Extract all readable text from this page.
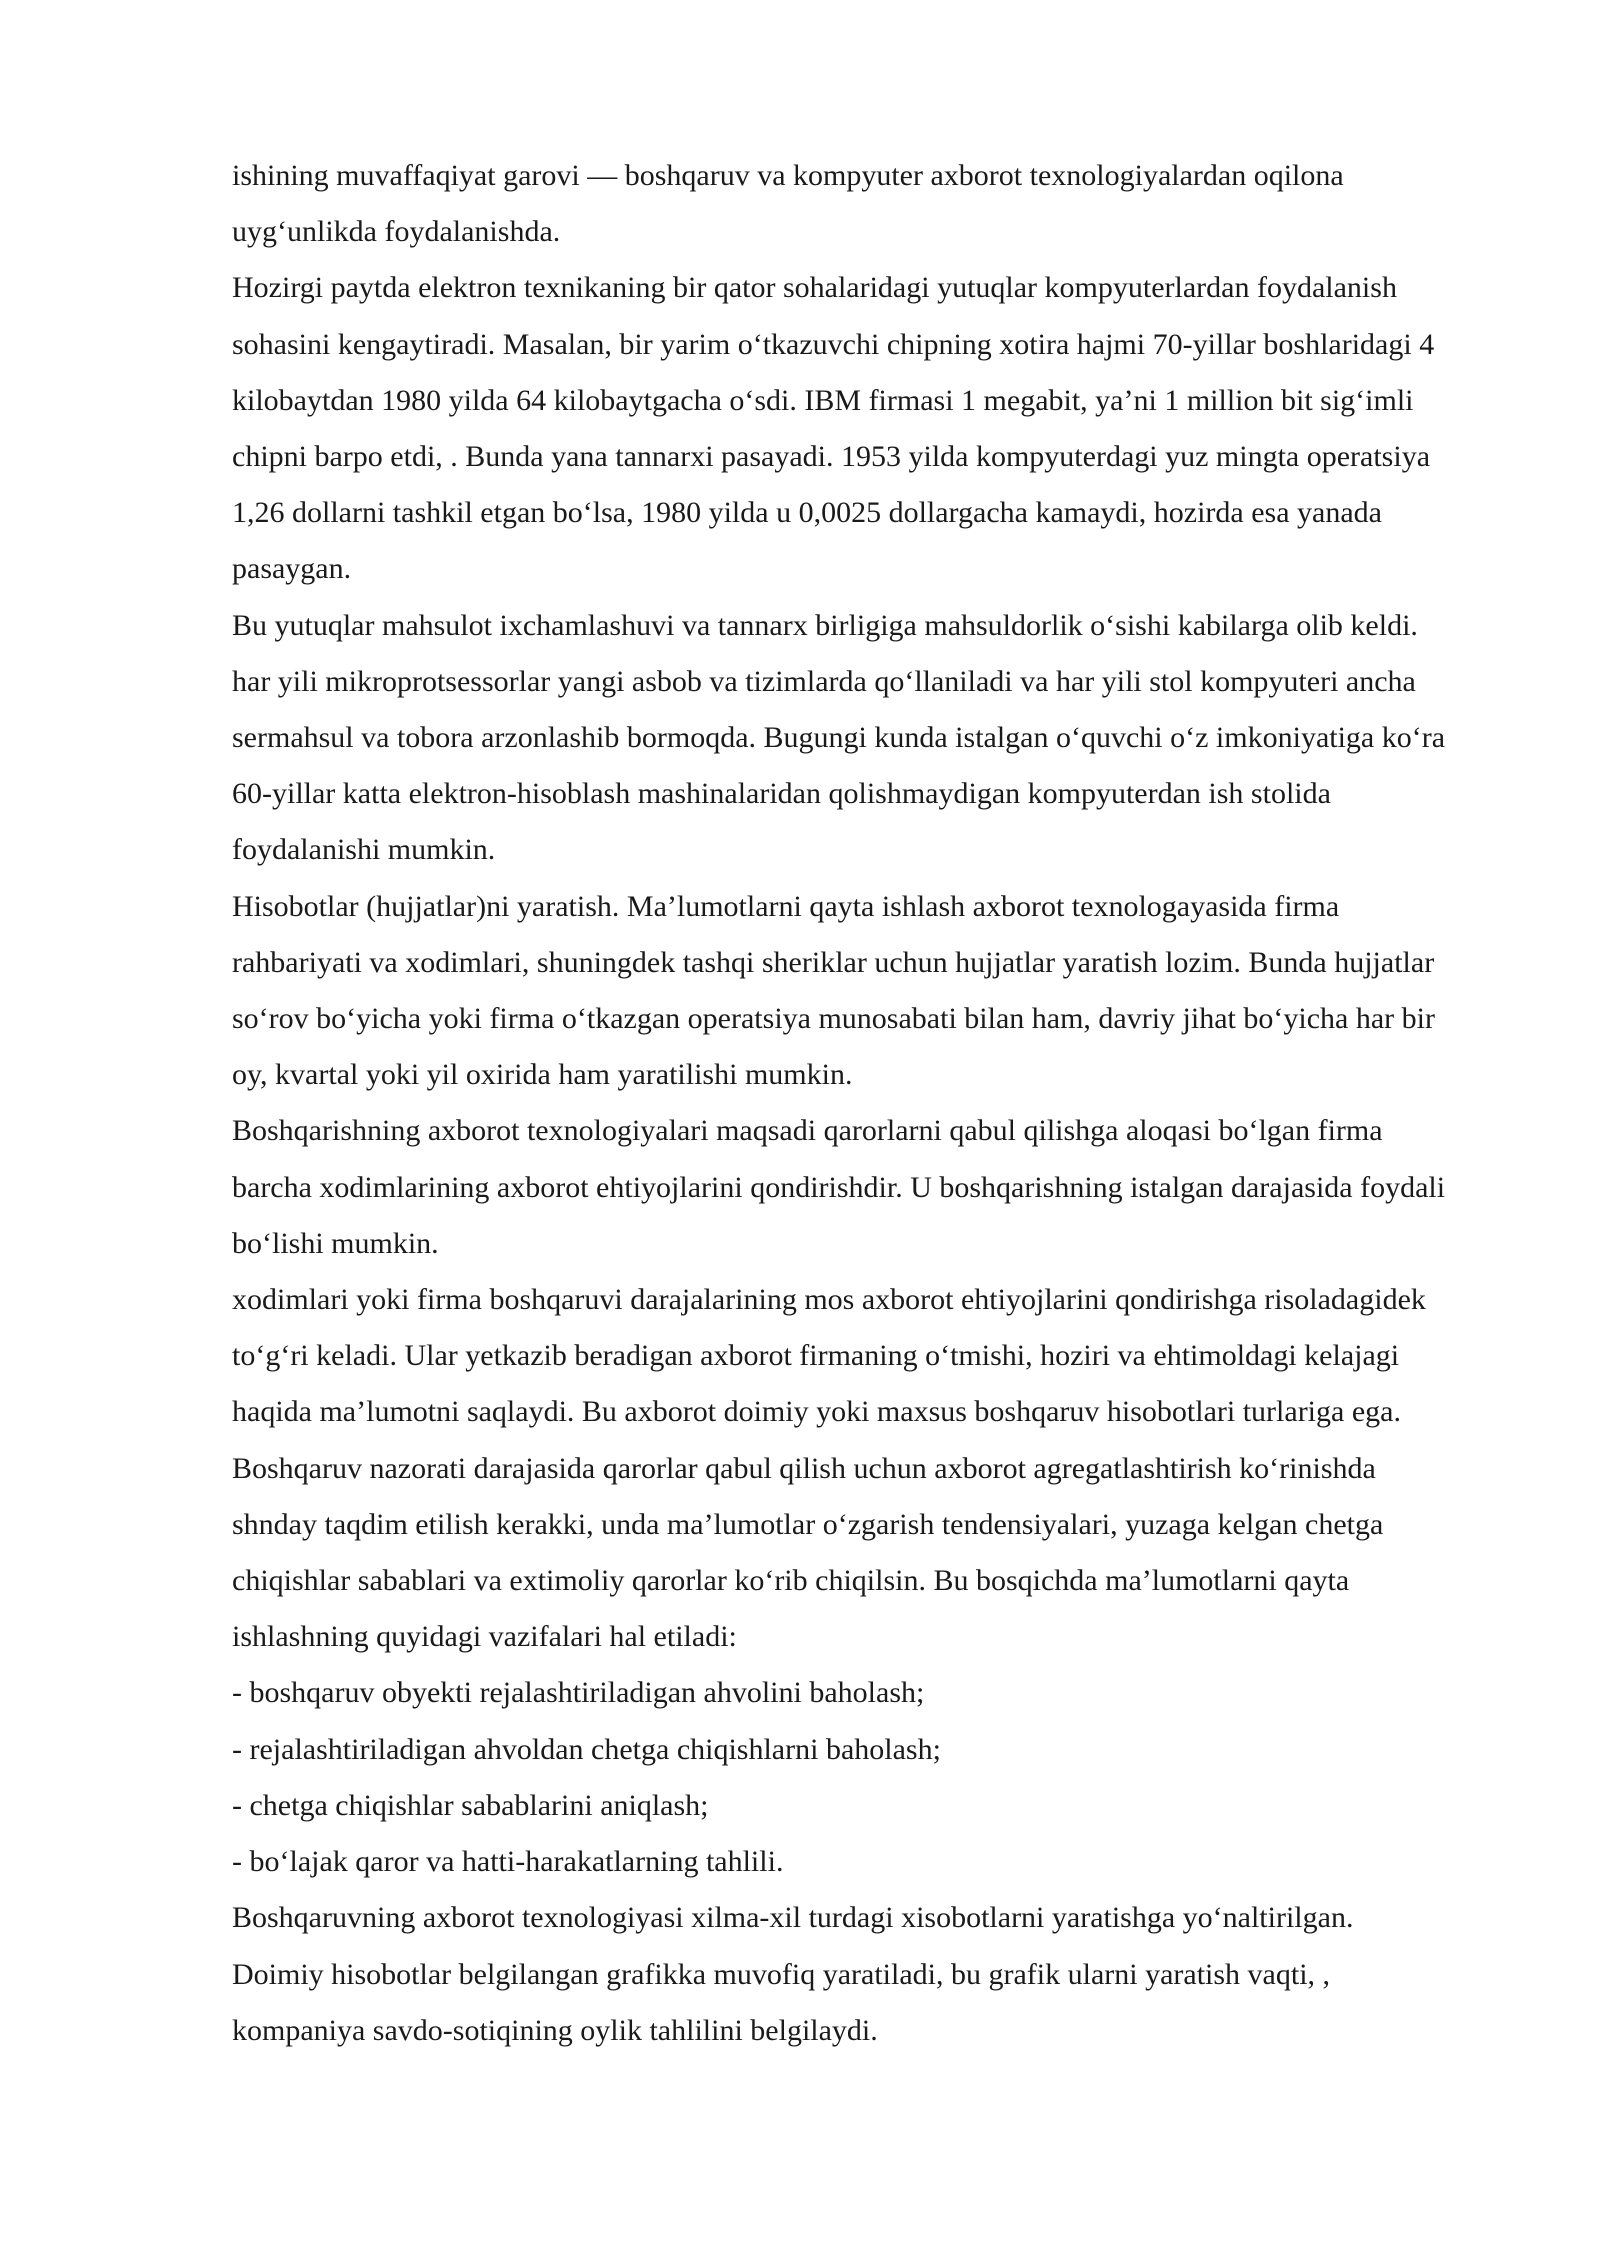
ishining muvaffaqiyat garovi — boshqaruv va kompyuter axborot texnologiyalardan oqilona uyg‘unlikda foydalanishda.

Hozirgi paytda elektron texnikaning bir qator sohalaridagi yutuqlar kompyuterlardan foydalanish sohasini kengaytiradi. Masalan, bir yarim o‘tkazuvchi chipning xotira hajmi 70-yillar boshlaridagi 4 kilobaytdan 1980 yilda 64 kilobaytgacha o‘sdi. IBM firmasi 1 megabit, ya’ni 1 million bit sig‘imli chipni barpo etdi, . Bunda yana tannarxi pasayadi. 1953 yilda kompyuterdagi yuz mingta operatsiya 1,26 dollarni tashkil etgan bo‘lsa, 1980 yilda u 0,0025 dollargacha kamaydi, hozirda esa yanada pasaygan.

Bu yutuqlar mahsulot ixchamlashuvi va tannarx birligiga mahsuldorlik o‘sishi kabilarga olib keldi. har yili mikroprotsessorlar yangi asbob va tizimlarda qo‘llaniladi va har yili stol kompyuteri ancha sermahsul va tobora arzonlashib bormoqda. Bugungi kunda istalgan o‘quvchi o‘z imkoniyatiga ko‘ra 60-yillar katta elektron-hisoblash mashinalaridan qolishmaydigan kompyuterdan ish stolida foydalanishi mumkin.

Hisobotlar (hujjatlar)ni yaratish. Ma’lumotlarni qayta ishlash axborot texnologayasida firma rahbariyati va xodimlari, shuningdek tashqi sheriklar uchun hujjatlar yaratish lozim. Bunda hujjatlar so‘rov bo‘yicha yoki firma o‘tkazgan operatsiya munosabati bilan ham, davriy jihat bo‘yicha har bir oy, kvartal yoki yil oxirida ham yaratilishi mumkin.

Boshqarishning axborot texnologiyalari maqsadi qarorlarni qabul qilishga aloqasi bo‘lgan firma barcha xodimlarining axborot ehtiyojlarini qondirishdir. U boshqarishning istalgan darajasida foydali bo‘lishi mumkin.

xodimlari yoki firma boshqaruvi darajalarining mos axborot ehtiyojlarini qondirishga risoladagidek to‘g‘ri keladi. Ular yetkazib beradigan axborot firmaning o‘tmishi, hoziri va ehtimoldagi kelajagi haqida ma’lumotni saqlaydi. Bu axborot doimiy yoki maxsus boshqaruv hisobotlari turlariga ega.

Boshqaruv nazorati darajasida qarorlar qabul qilish uchun axborot agregatlashtirish ko‘rinishda shnday taqdim etilish kerakki, unda ma’lumotlar o‘zgarish tendensiyalari, yuzaga kelgan chetga chiqishlar sabablari va extimoliy qarorlar ko‘rib chiqilsin. Bu bosqichda ma’lumotlarni qayta ishlashning quyidagi vazifalari hal etiladi:

- boshqaruv obyekti rejalashtiriladigan ahvolini baholash;

- rejalashtiriladigan ahvoldan chetga chiqishlarni baholash;

- chetga chiqishlar sabablarini aniqlash;

- bo‘lajak qaror va hatti-harakatlarning tahlili.

Boshqaruvning axborot texnologiyasi xilma-xil turdagi xisobotlarni yaratishga yo‘naltirilgan. Doimiy hisobotlar belgilangan grafikka muvofiq yaratiladi, bu grafik ularni yaratish vaqti, , kompaniya savdo-sotiqining oylik tahlilini belgilaydi.
